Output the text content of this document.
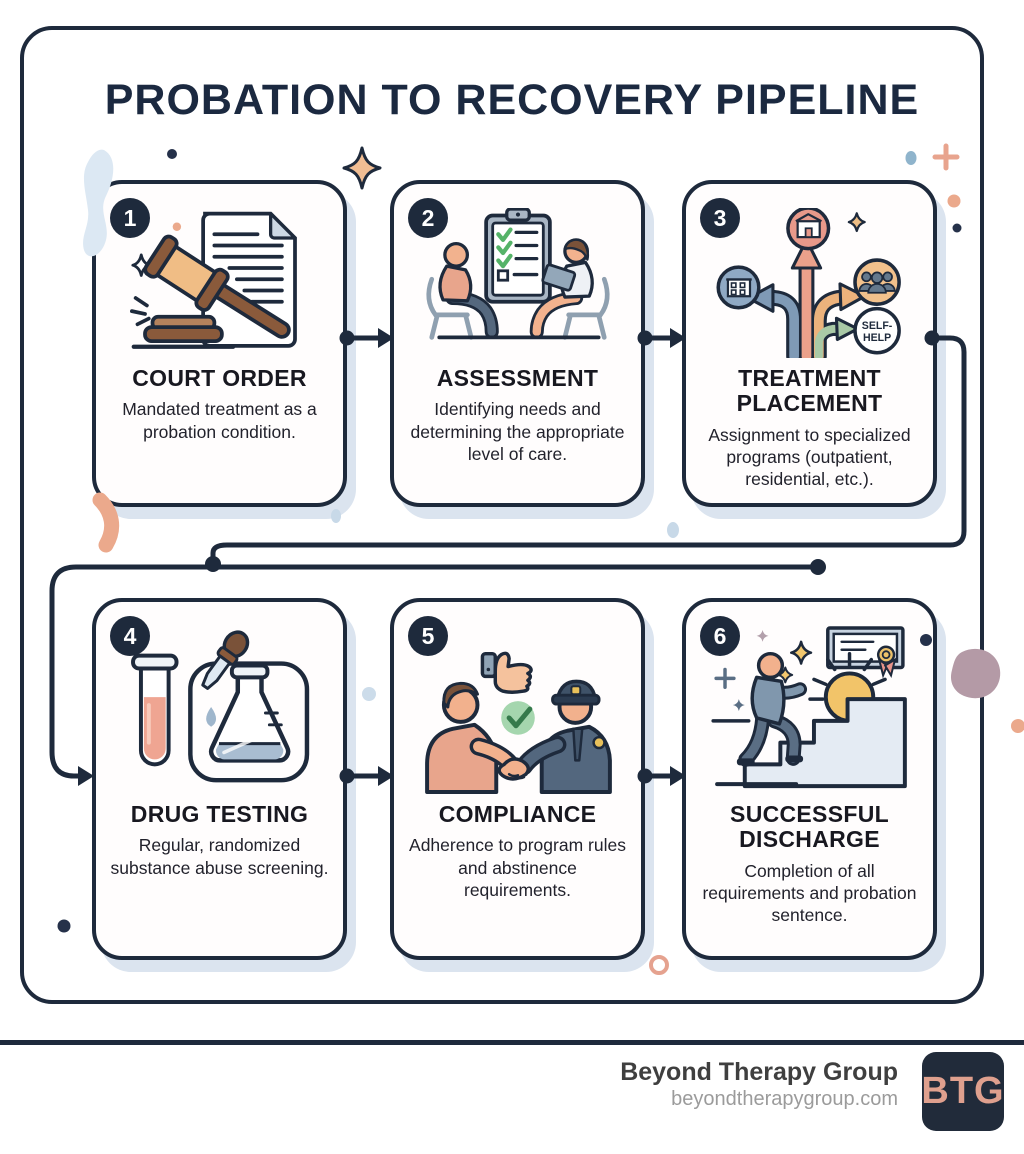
PROBATION TO RECOVERY PIPELINE
1
COURT ORDER
Mandated treatment as a probation condition.
2
ASSESSMENT
Identifying needs and determining the appropriate level of care.
3
SELF-
HELP
TREATMENT PLACEMENT
Assignment to specialized programs (outpatient, residential, etc.).
4
DRUG TESTING
Regular, randomized substance abuse screening.
5
COMPLIANCE
Adherence to program rules and abstinence requirements.
6
SUCCESSFUL DISCHARGE
Completion of all requirements and probation sentence.
Beyond Therapy Group
beyondtherapygroup.com BTG
